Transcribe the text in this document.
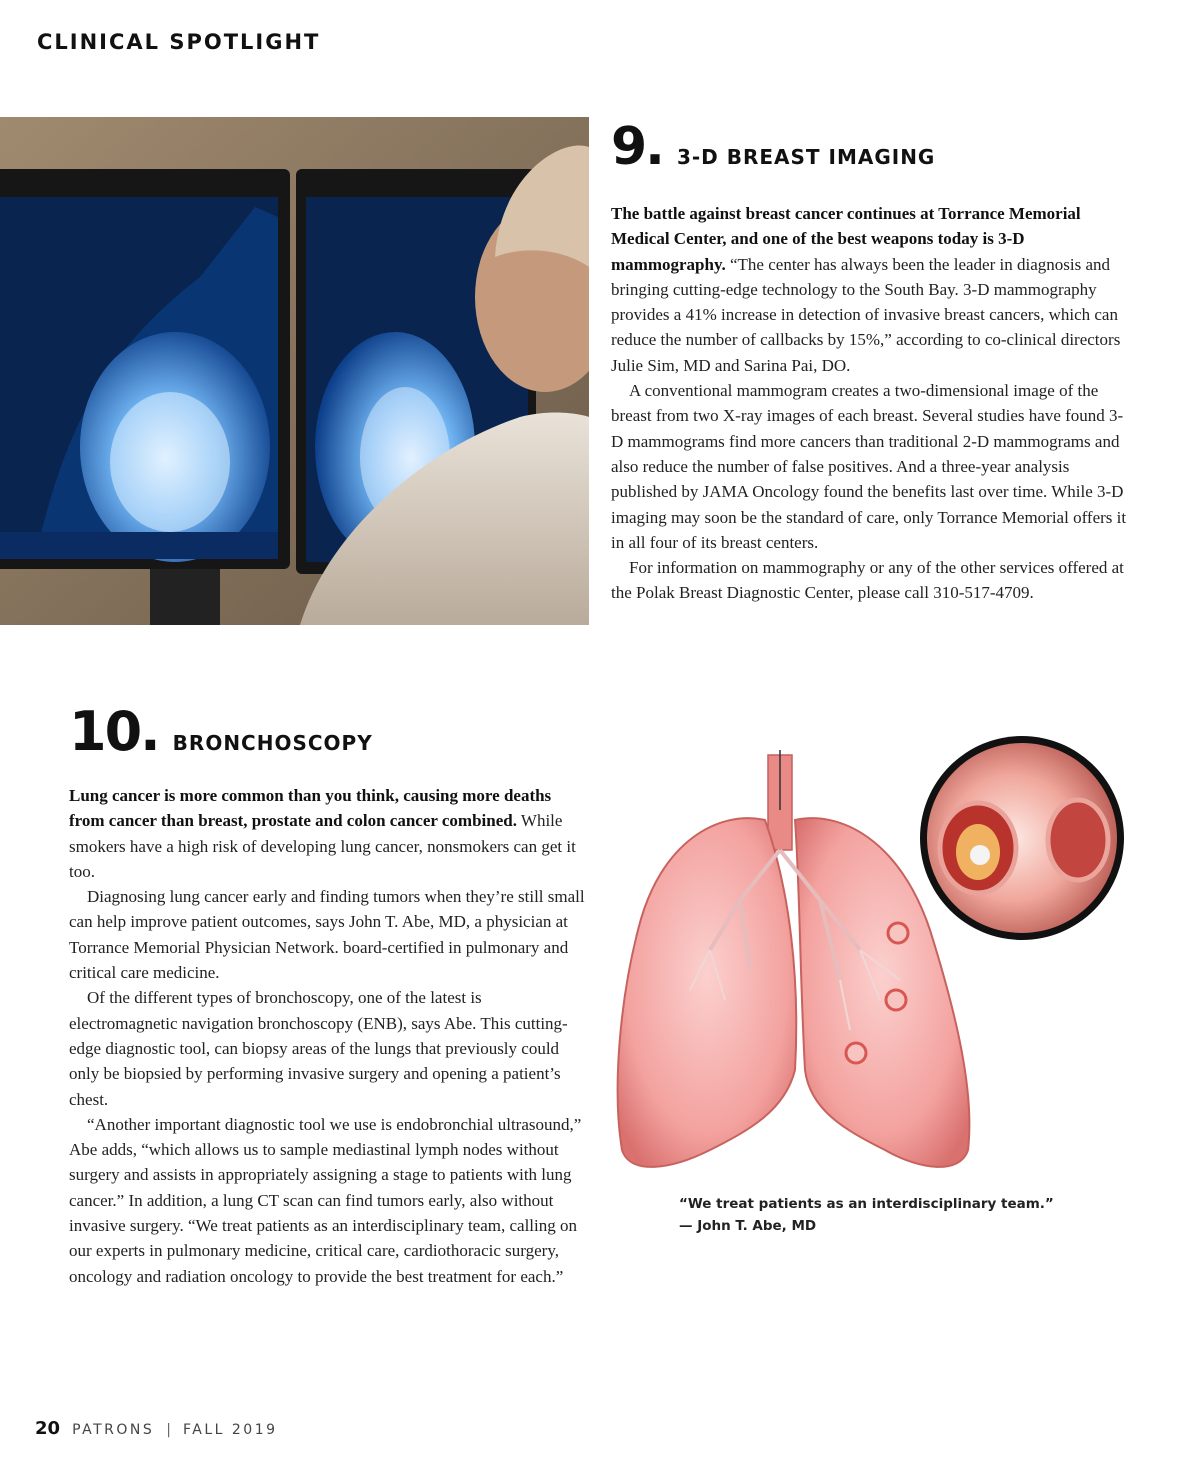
CLINICAL SPOTLIGHT
9. 3-D BREAST IMAGING

The battle against breast cancer continues at Torrance Memorial Medical Center, and one of the best weapons today is 3-D mammography. “The center has always been the leader in diagnosis and bringing cutting-edge technology to the South Bay. 3-D mammography provides a 41% increase in detection of invasive breast cancers, which can reduce the number of callbacks by 15%,” according to co-clinical directors Julie Sim, MD and Sarina Pai, DO.

A conventional mammogram creates a two-dimensional image of the breast from two X-ray images of each breast. Several studies have found 3-D mammograms find more cancers than traditional 2-D mammograms and also reduce the number of false positives. And a three-year analysis published by JAMA Oncology found the benefits last over time. While 3-D imaging may soon be the standard of care, only Torrance Memorial offers it in all four of its breast centers.

For information on mammography or any of the other services offered at the Polak Breast Diagnostic Center, please call 310-517-4709.

10. BRONCHOSCOPY

Lung cancer is more common than you think, causing more deaths from cancer than breast, prostate and colon cancer combined. While smokers have a high risk of developing lung cancer, nonsmokers can get it too.

Diagnosing lung cancer early and finding tumors when they’re still small can help improve patient outcomes, says John T. Abe, MD, a physician at Torrance Memorial Physician Network. board-certified in pulmonary and critical care medicine.

Of the different types of bronchoscopy, one of the latest is electromagnetic navigation bronchoscopy (ENB), says Abe. This cutting-edge diagnostic tool, can biopsy areas of the lungs that previously could only be biopsied by performing invasive surgery and opening a patient’s chest.

“Another important diagnostic tool we use is endobronchial ultrasound,” Abe adds, “which allows us to sample mediastinal lymph nodes without surgery and assists in appropriately assigning a stage to patients with lung cancer.” In addition, a lung CT scan can find tumors early, also without invasive surgery. “We treat patients as an interdisciplinary team, calling on our experts in pulmonary medicine, critical care, cardiothoracic surgery, oncology and radiation oncology to provide the best treatment for each.”

“We treat patients as an interdisciplinary team.”
— John T. Abe, MD
20 PATRONS | FALL 2019
